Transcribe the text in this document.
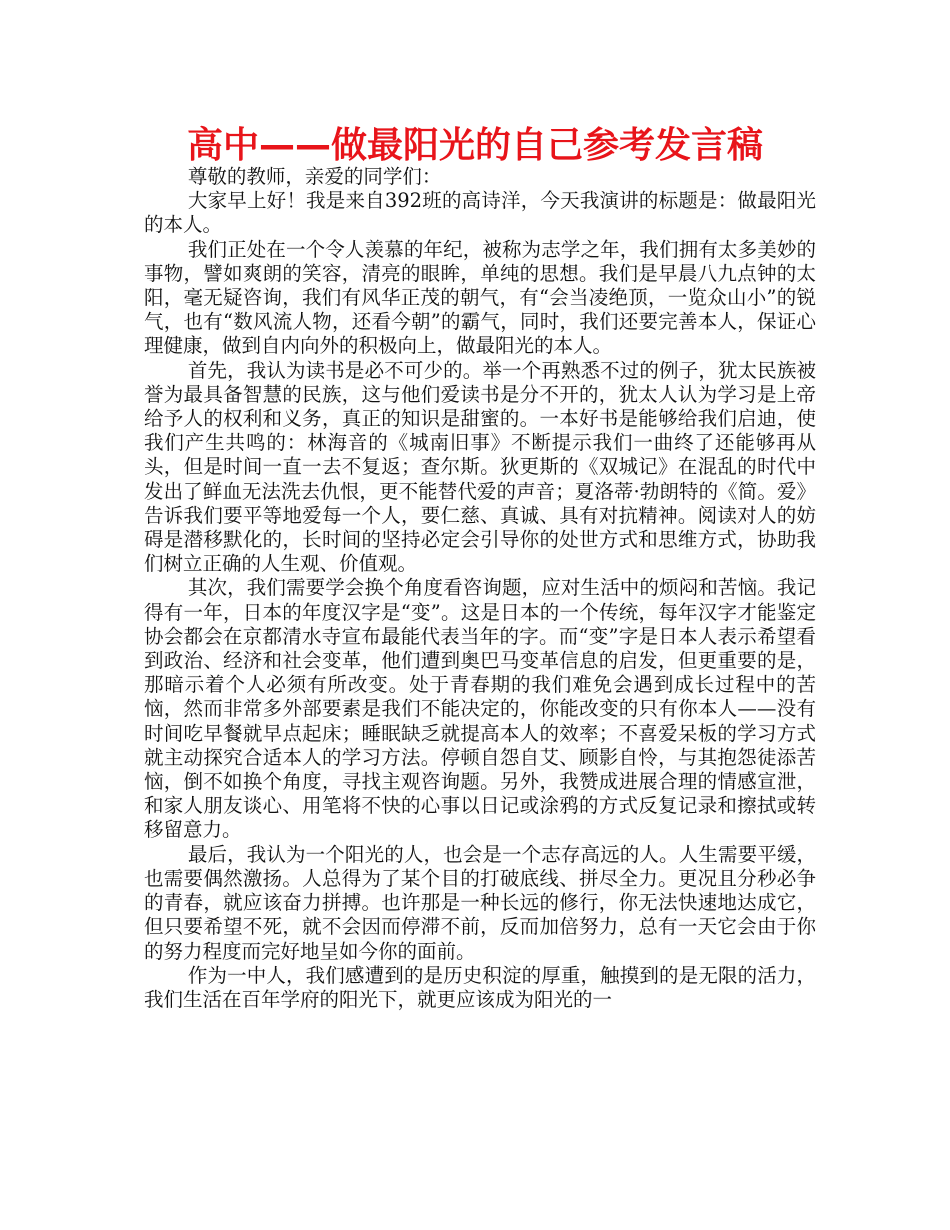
高中——做最阳光的自己参考发言稿

尊敬的教师，亲爱的同学们：

大家早上好！我是来自392班的高诗洋，今天我演讲的标题是：做最阳光的本人。

我们正处在一个令人羡慕的年纪，被称为志学之年，我们拥有太多美妙的事物，譬如爽朗的笑容，清亮的眼眸，单纯的思想。我们是早晨八九点钟的太阳，毫无疑咨询，我们有风华正茂的朝气，有“会当凌绝顶，一览众山小”的锐气，也有“数风流人物，还看今朝”的霸气，同时，我们还要完善本人，保证心理健康，做到自内向外的积极向上，做最阳光的本人。

首先，我认为读书是必不可少的。举一个再熟悉不过的例子，犹太民族被誉为最具备智慧的民族，这与他们爱读书是分不开的，犹太人认为学习是上帝给予人的权利和义务，真正的知识是甜蜜的。一本好书是能够给我们启迪，使我们产生共鸣的：林海音的《城南旧事》不断提示我们一曲终了还能够再从头，但是时间一直一去不复返；查尔斯。狄更斯的《双城记》在混乱的时代中发出了鲜血无法洗去仇恨，更不能替代爱的声音；夏洛蒂·勃朗特的《简。爱》告诉我们要平等地爱每一个人，要仁慈、真诚、具有对抗精神。阅读对人的妨碍是潜移默化的，长时间的坚持必定会引导你的处世方式和思维方式，协助我们树立正确的人生观、价值观。

其次，我们需要学会换个角度看咨询题，应对生活中的烦闷和苦恼。我记得有一年，日本的年度汉字是“变”。这是日本的一个传统，每年汉字才能鉴定协会都会在京都清水寺宣布最能代表当年的字。而“变”字是日本人表示希望看到政治、经济和社会变革，他们遭到奥巴马变革信息的启发，但更重要的是，那暗示着个人必须有所改变。处于青春期的我们难免会遇到成长过程中的苦恼，然而非常多外部要素是我们不能决定的，你能改变的只有你本人——没有时间吃早餐就早点起床；睡眠缺乏就提高本人的效率；不喜爱呆板的学习方式就主动探究合适本人的学习方法。停顿自怨自艾、顾影自怜，与其抱怨徒添苦恼，倒不如换个角度，寻找主观咨询题。另外，我赞成进展合理的情感宣泄，和家人朋友谈心、用笔将不快的心事以日记或涂鸦的方式反复记录和擦拭或转移留意力。

最后，我认为一个阳光的人，也会是一个志存高远的人。人生需要平缓，也需要偶然激扬。人总得为了某个目的打破底线、拼尽全力。更况且分秒必争的青春，就应该奋力拼搏。也许那是一种长远的修行，你无法快速地达成它，但只要希望不死，就不会因而停滞不前，反而加倍努力，总有一天它会由于你的努力程度而完好地呈如今你的面前。

作为一中人，我们感遭到的是历史积淀的厚重，触摸到的是无限的活力，我们生活在百年学府的阳光下，就更应该成为阳光的一
